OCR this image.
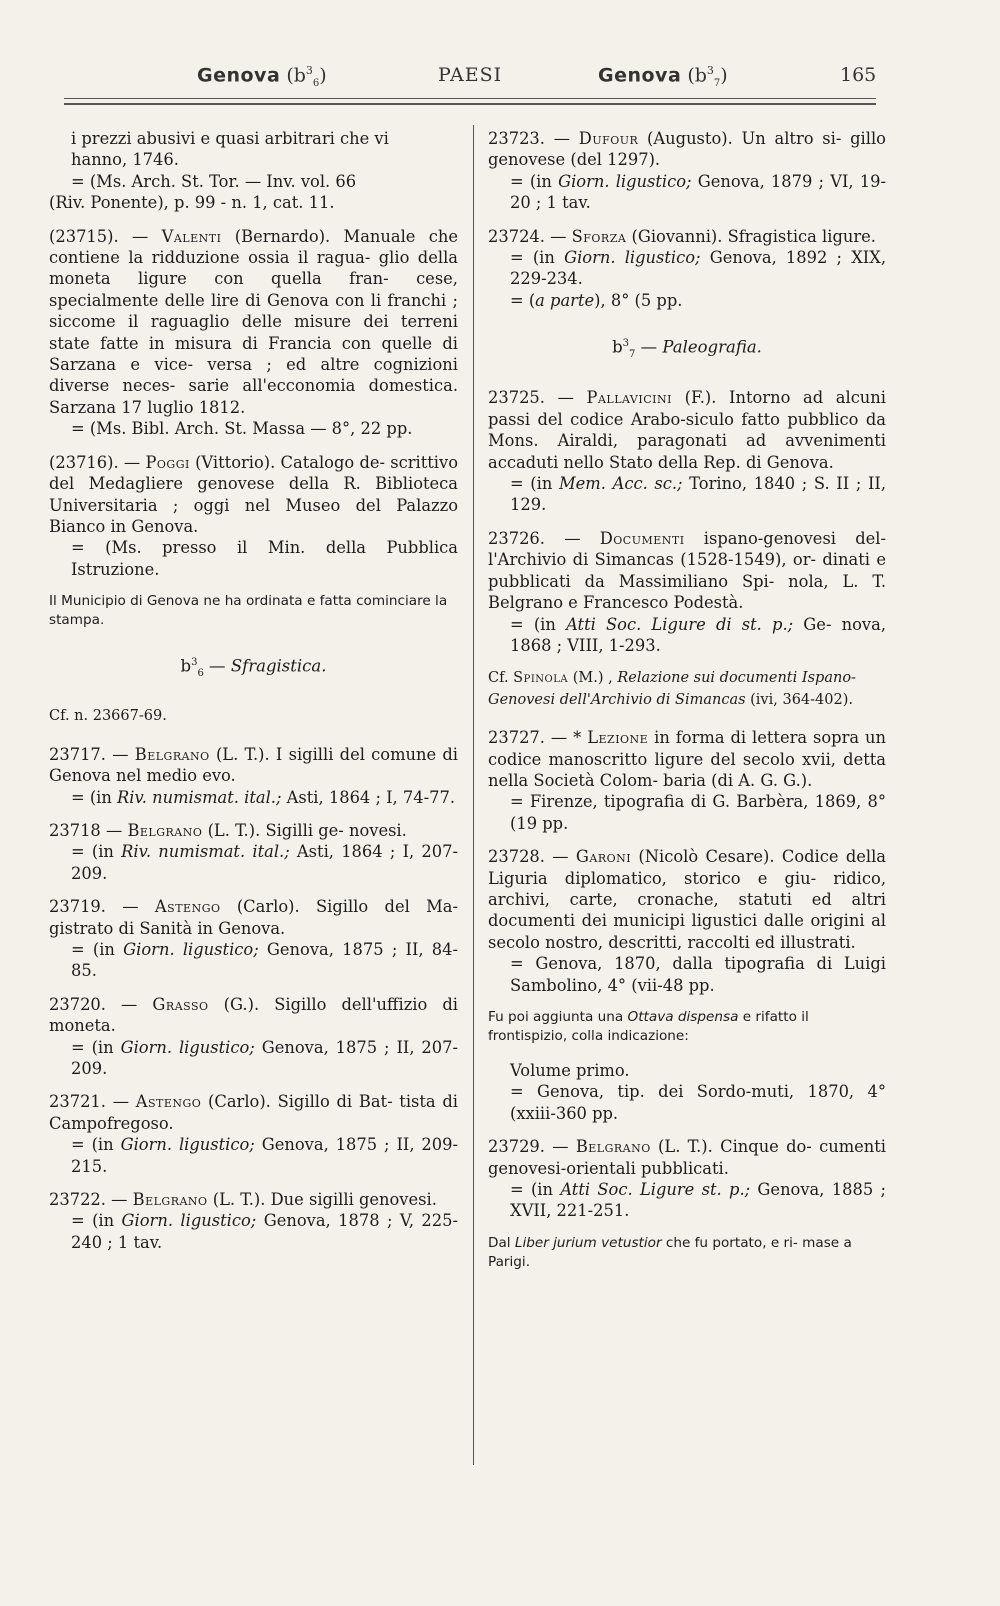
Genova $(b^3_6)$	PAESI	Genova $(b^3_7)$	165

i prezzi abusivi e quasi arbitrari che vi

hanno, 1746.

= (Ms. Arch. St. Tor. — Inv. vol. 66

(Riv. Ponente), p. 99 - n. 1, cat. 11.

(23715). — Valenti (Bernardo). Manuale che contiene la ridduzione ossia il ragua- glio della moneta ligure con quella fran- cese, specialmente delle lire di Genova con li franchi ; siccome il raguaglio delle misure dei terreni state fatte in misura di Francia con quelle di Sarzana e vice- versa ; ed altre cognizioni diverse neces- sarie all'ecconomia domestica. Sarzana 17 luglio 1812.

= (Ms. Bibl. Arch. St. Massa — 8°, 22 pp.

(23716). — Poggi (Vittorio). Catalogo de- scrittivo del Medagliere genovese della R. Biblioteca Universitaria ; oggi nel Museo del Palazzo Bianco in Genova.

= (Ms. presso il Min. della Pubblica Istruzione.

Il Municipio di Genova ne ha ordinata e fatta cominciare la stampa.

$b^3_6$ — Sfragistica.

Cf. n. 23667-69.

23717. — Belgrano (L. T.). I sigilli del comune di Genova nel medio evo.

= (in Riv. numismat. ital.; Asti, 1864 ; I, 74-77.

23718 — Belgrano (L. T.). Sigilli ge- novesi.

= (in Riv. numismat. ital.; Asti, 1864 ; I, 207-209.

23719. — Astengo (Carlo). Sigillo del Ma- gistrato di Sanità in Genova.

= (in Giorn. ligustico; Genova, 1875 ; II, 84-85.

23720. — Grasso (G.). Sigillo dell'uffizio di moneta.

= (in Giorn. ligustico; Genova, 1875 ; II, 207-209.

23721. — Astengo (Carlo). Sigillo di Bat- tista di Campofregoso.

= (in Giorn. ligustico; Genova, 1875 ; II, 209-215.

23722. — Belgrano (L. T.). Due sigilli genovesi.

= (in Giorn. ligustico; Genova, 1878 ; V, 225-240 ; 1 tav.

23723. — Dufour (Augusto). Un altro si- gillo genovese (del 1297).

= (in Giorn. ligustico; Genova, 1879 ; VI, 19-20 ; 1 tav.

23724. — Sforza (Giovanni). Sfragistica ligure.

= (in Giorn. ligustico; Genova, 1892 ; XIX, 229-234.

= (a parte), 8° (5 pp.

$b^3_7$ — Paleografia.

23725. — Pallavicini (F.). Intorno ad alcuni passi del codice Arabo-siculo fatto pubblico da Mons. Airaldi, paragonati ad avvenimenti accaduti nello Stato della Rep. di Genova.

= (in Mem. Acc. sc.; Torino, 1840 ; S. II ; II, 129.

23726. — Documenti ispano-genovesi del- l'Archivio di Simancas (1528-1549), or- dinati e pubblicati da Massimiliano Spi- nola, L. T. Belgrano e Francesco Podestà.

= (in Atti Soc. Ligure di st. p.; Ge- nova, 1868 ; VIII, 1-293.

Cf. Spinola (M.) , Relazione sui documenti Ispano-Genovesi dell'Archivio di Simancas (ivi, 364-402).

23727. — * Lezione in forma di lettera sopra un codice manoscritto ligure del secolo xvii, detta nella Società Colom- baria (di A. G. G.).

= Firenze, tipografia di G. Barbèra, 1869, 8° (19 pp.

23728. — Garoni (Nicolò Cesare). Codice della Liguria diplomatico, storico e giu- ridico, archivi, carte, cronache, statuti ed altri documenti dei municipi ligustici dalle origini al secolo nostro, descritti, raccolti ed illustrati.

= Genova, 1870, dalla tipografia di Luigi Sambolino, 4° (vii-48 pp.

Fu poi aggiunta una Ottava dispensa e rifatto il frontispizio, colla indicazione:

Volume primo.

= Genova, tip. dei Sordo-muti, 1870, 4° (xxiii-360 pp.

23729. — Belgrano (L. T.). Cinque do- cumenti genovesi-orientali pubblicati.

= (in Atti Soc. Ligure st. p.; Genova, 1885 ; XVII, 221-251.

Dal Liber jurium vetustior che fu portato, e ri- mase a Parigi.
